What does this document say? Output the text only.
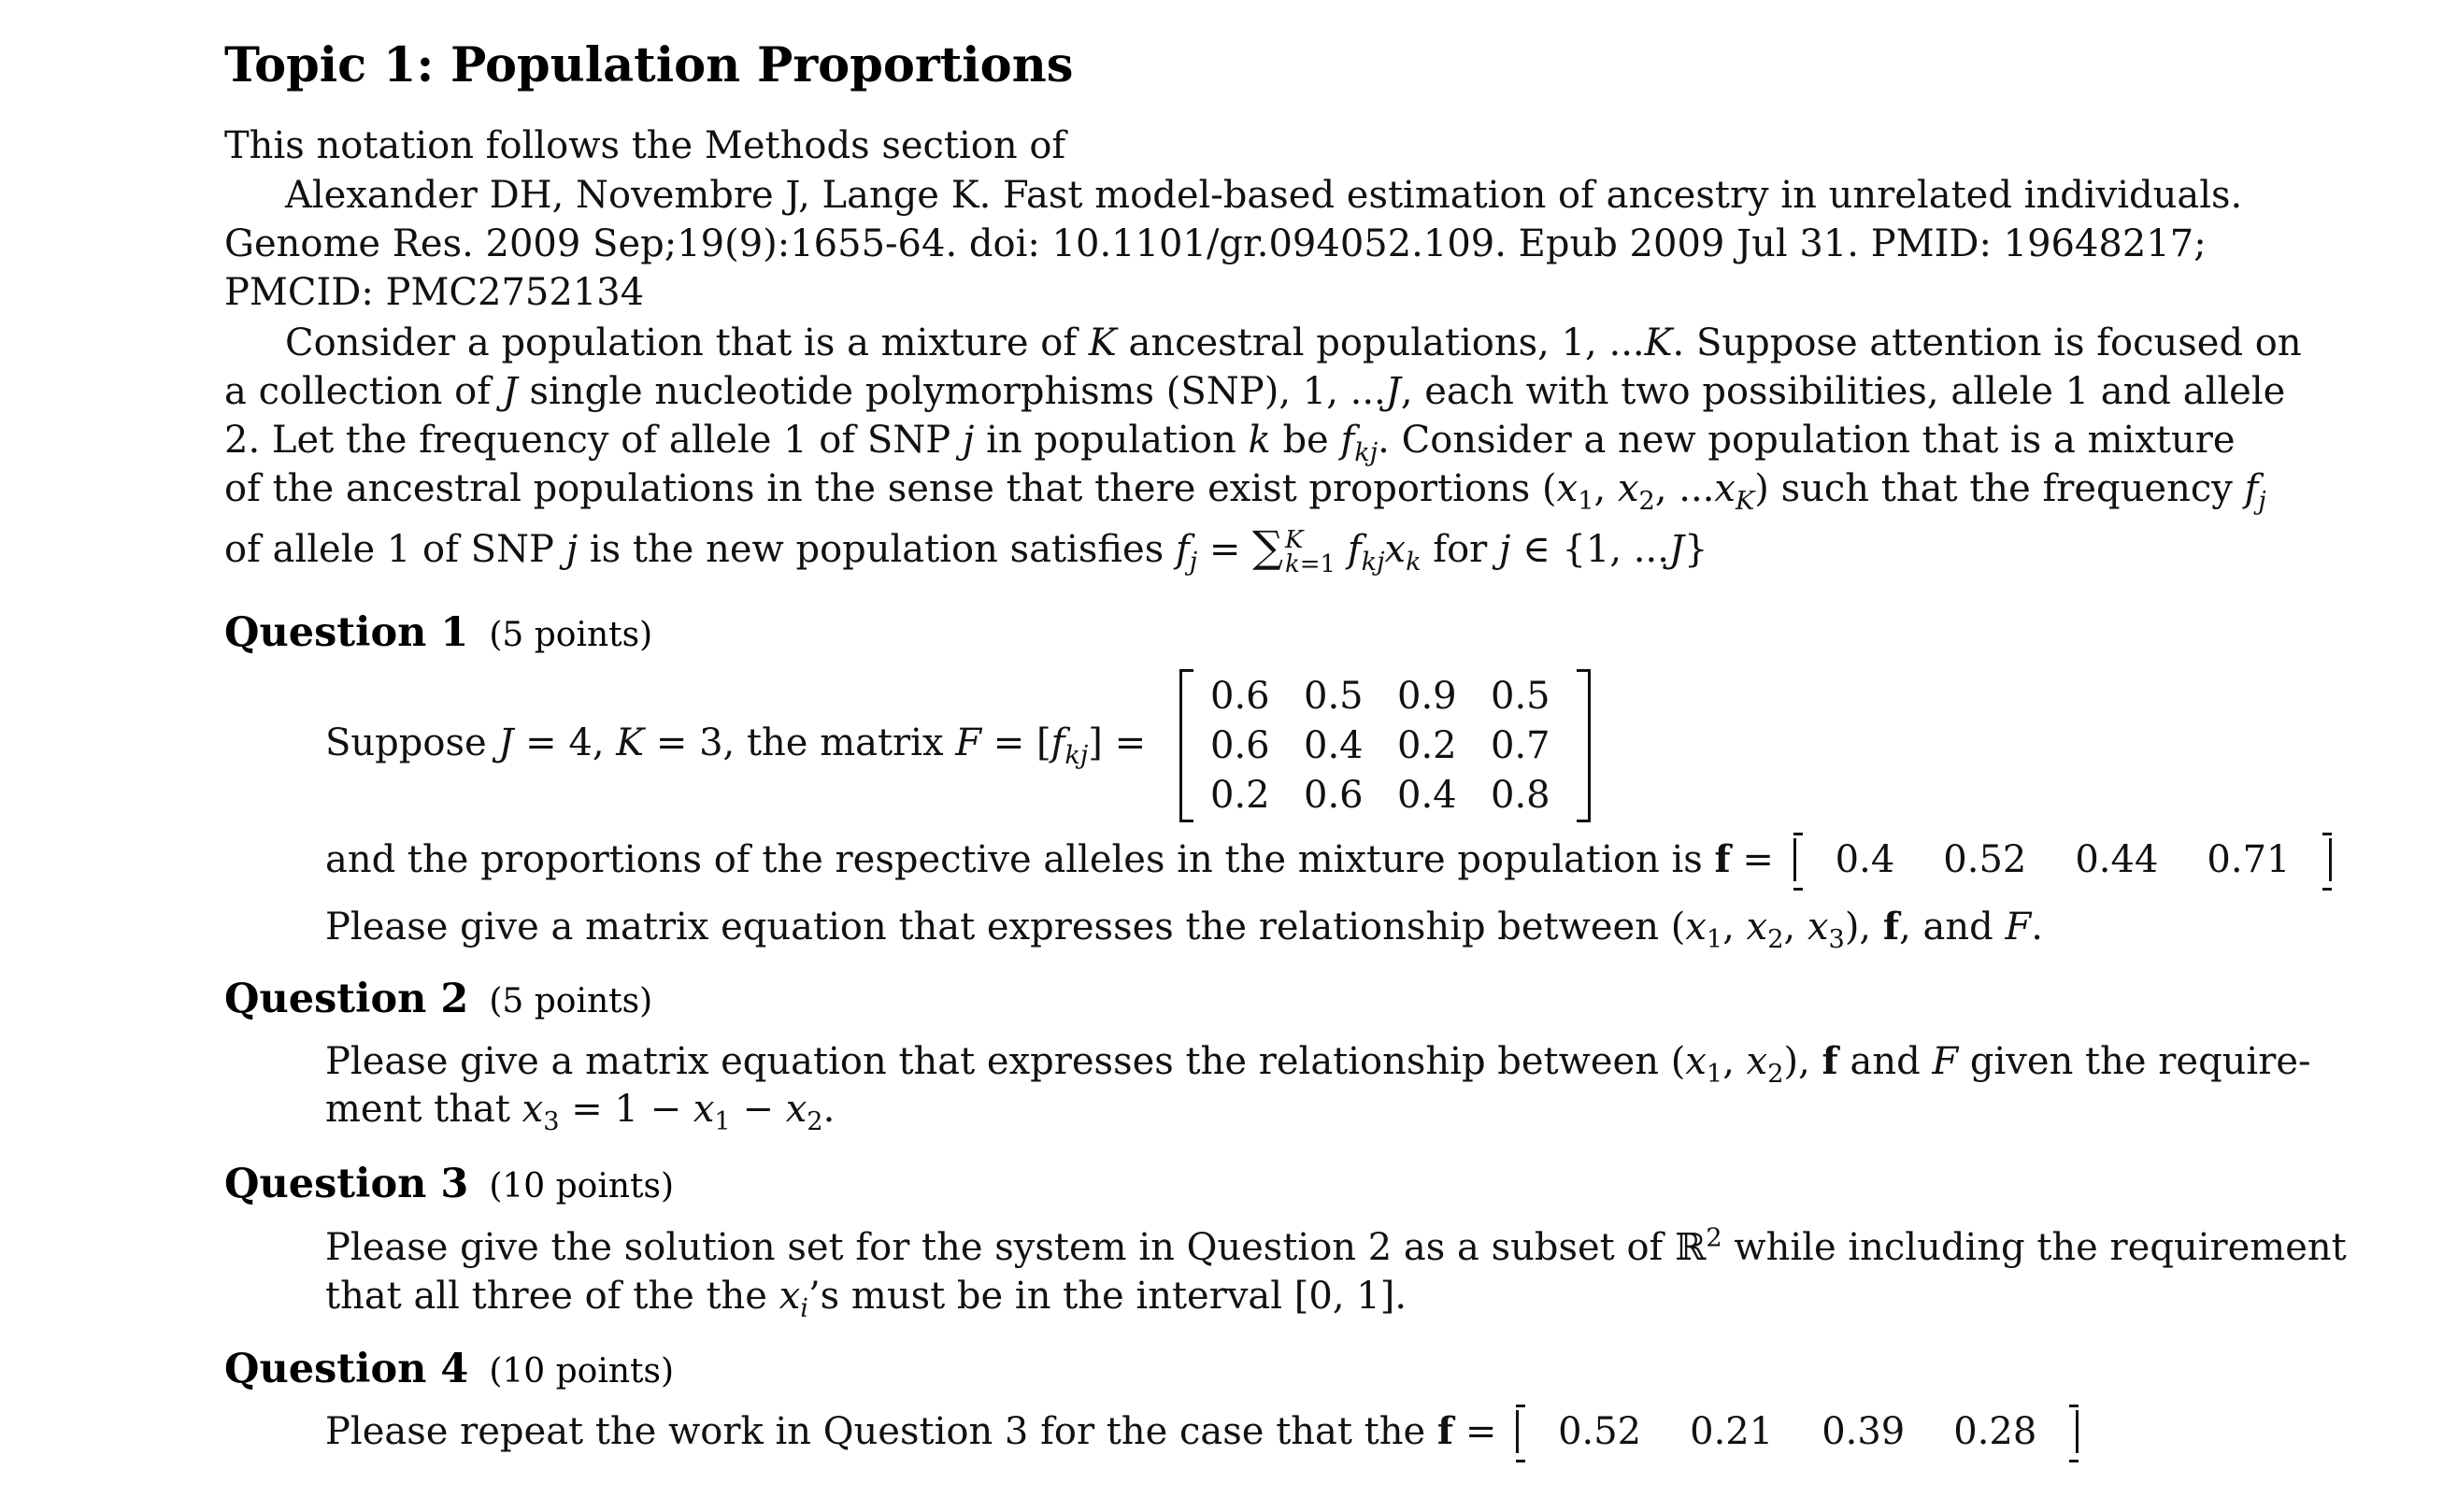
Topic 1: Population Proportions
This notation follows the Methods section of
Alexander DH, Novembre J, Lange K. Fast model-based estimation of ancestry in unrelated individuals.
Genome Res. 2009 Sep;19(9):1655-64. doi: 10.1101/gr.094052.109. Epub 2009 Jul 31. PMID: 19648217;
PMCID: PMC2752134
Consider a population that is a mixture of K ancestral populations, 1, ...K. Suppose attention is focused on
a collection of J single nucleotide polymorphisms (SNP), 1, ...J, each with two possibilities, allele 1 and allele
2. Let the frequency of allele 1 of SNP j in population k be $f_{kj}$. Consider a new population that is a mixture
of the ancestral populations in the sense that there exist proportions ($x_1$, $x_2$, $...x_K$) such that the frequency $f_j$
of allele 1 of SNP j is the new population satisfies $f_j$ = ∑ K
k=1 $f_{kj}x_k$ for j ∈ {1, ...J}
Question 1 (5 points)
Suppose J = 4, K = 3, the matrix $F = [f_{kj}]$ =
0.6 0.5 0.9 0.5
0.6 0.4 0.2 0.7
0.2 0.6 0.4 0.8
and the proportions of the respective alleles in the mixture population is f = 0.4 0.52 0.44 0.71
Please give a matrix equation that expresses the relationship between ($x_1$, $x_2$, $x_3$), f, and F.
Question 2 (5 points)
Please give a matrix equation that expresses the relationship between ($x_1$, $x_2$), f and F given the require-
ment that $x_3 = 1 - x_1 - x_2$.
Question 3 (10 points)
Please give the solution set for the system in Question 2 as a subset of ℝ$^2$ while including the requirement
that all three of the the $x_i’s$ must be in the interval [0, 1].
Question 4 (10 points)
Please repeat the work in Question 3 for the case that the f = 0.52 0.21 0.39 0.28
